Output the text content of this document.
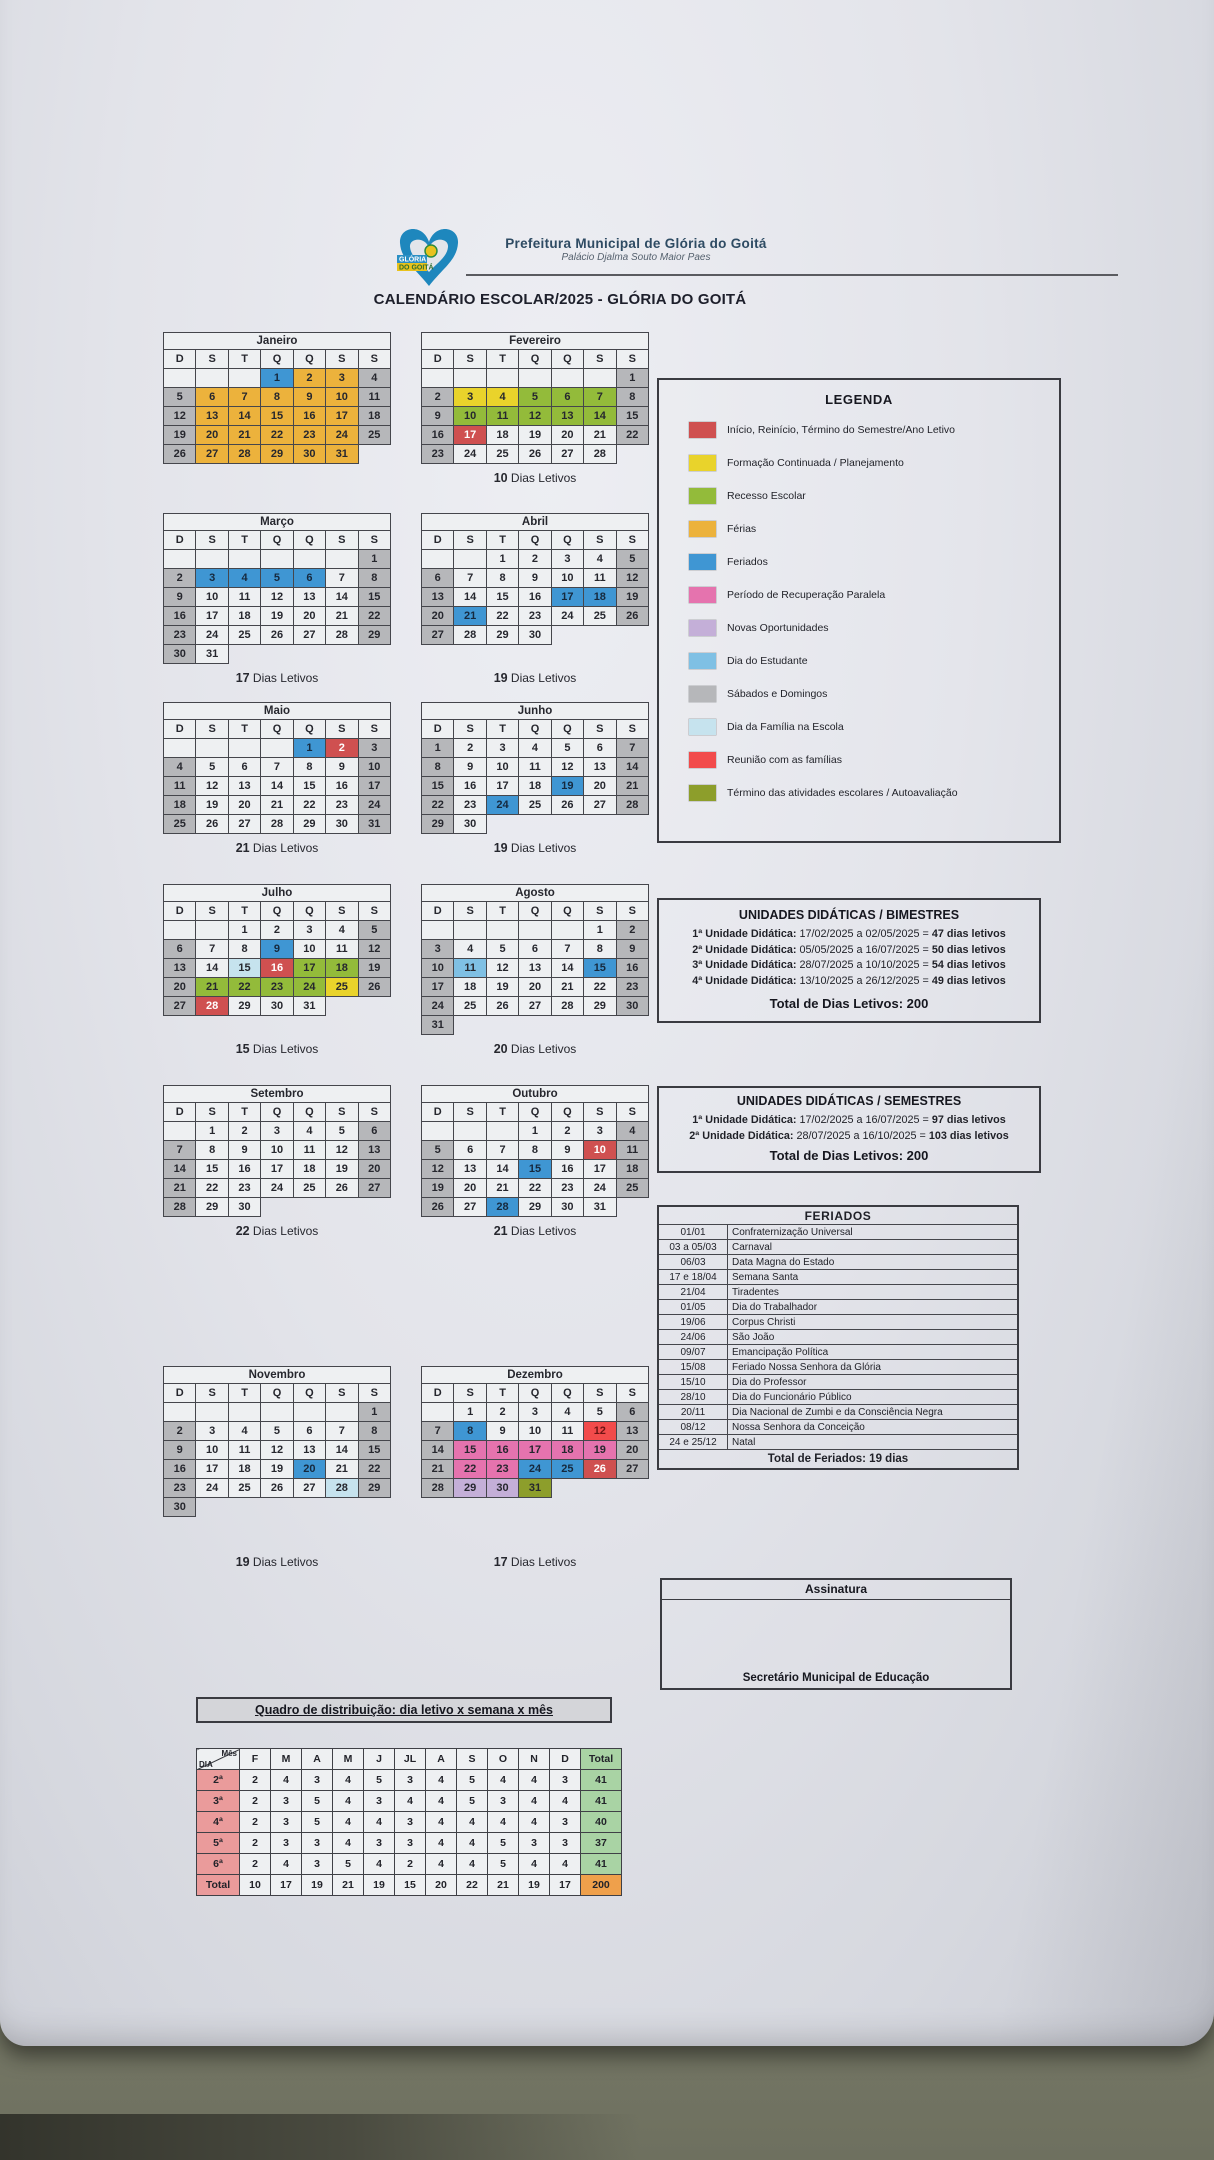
GLÓRIA
DO GOITÁ
Prefeitura Municipal de Glória do Goitá
Palácio Djalma Souto Maior Paes
CALENDÁRIO ESCOLAR/2025 - GLÓRIA DO GOITÁ
Janeiro						
D	S	T	Q	Q	S	S
			1	2	3	4
5	6	7	8	9	10	11
12	13	14	15	16	17	18
19	20	21	22	23	24	25
26	27	28	29	30	31	
Fevereiro						
D	S	T	Q	Q	S	S
						1
2	3	4	5	6	7	8
9	10	11	12	13	14	15
16	17	18	19	20	21	22
23	24	25	26	27	28	
10 Dias Letivos
Março						
D	S	T	Q	Q	S	S
						1
2	3	4	5	6	7	8
9	10	11	12	13	14	15
16	17	18	19	20	21	22
23	24	25	26	27	28	29
30	31					
17 Dias Letivos
Abril						
D	S	T	Q	Q	S	S
		1	2	3	4	5
6	7	8	9	10	11	12
13	14	15	16	17	18	19
20	21	22	23	24	25	26
27	28	29	30			
19 Dias Letivos
Maio						
D	S	T	Q	Q	S	S
				1	2	3
4	5	6	7	8	9	10
11	12	13	14	15	16	17
18	19	20	21	22	23	24
25	26	27	28	29	30	31
21 Dias Letivos
Junho						
D	S	T	Q	Q	S	S
1	2	3	4	5	6	7
8	9	10	11	12	13	14
15	16	17	18	19	20	21
22	23	24	25	26	27	28
29	30					
19 Dias Letivos
Julho						
D	S	T	Q	Q	S	S
		1	2	3	4	5
6	7	8	9	10	11	12
13	14	15	16	17	18	19
20	21	22	23	24	25	26
27	28	29	30	31		
15 Dias Letivos
Agosto						
D	S	T	Q	Q	S	S
					1	2
3	4	5	6	7	8	9
10	11	12	13	14	15	16
17	18	19	20	21	22	23
24	25	26	27	28	29	30
31						
20 Dias Letivos
Setembro						
D	S	T	Q	Q	S	S
	1	2	3	4	5	6
7	8	9	10	11	12	13
14	15	16	17	18	19	20
21	22	23	24	25	26	27
28	29	30				
22 Dias Letivos
Outubro						
D	S	T	Q	Q	S	S
			1	2	3	4
5	6	7	8	9	10	11
12	13	14	15	16	17	18
19	20	21	22	23	24	25
26	27	28	29	30	31	
21 Dias Letivos
Novembro						
D	S	T	Q	Q	S	S
						1
2	3	4	5	6	7	8
9	10	11	12	13	14	15
16	17	18	19	20	21	22
23	24	25	26	27	28	29
30						
19 Dias Letivos
Dezembro						
D	S	T	Q	Q	S	S
	1	2	3	4	5	6
7	8	9	10	11	12	13
14	15	16	17	18	19	20
21	22	23	24	25	26	27
28	29	30	31			
17 Dias Letivos
LEGENDA
Início, Reinício, Término do Semestre/Ano Letivo
Formação Continuada / Planejamento
Recesso Escolar
Férias
Feriados
Período de Recuperação Paralela
Novas Oportunidades
Dia do Estudante
Sábados e Domingos
Dia da Família na Escola
Reunião com as famílias
Término das atividades escolares / Autoavaliação
UNIDADES DIDÁTICAS / BIMESTRES
1ª Unidade Didática: 17/02/2025 a 02/05/2025 = 47 dias letivos
2ª Unidade Didática: 05/05/2025 a 16/07/2025 = 50 dias letivos
3ª Unidade Didática: 28/07/2025 a 10/10/2025 = 54 dias letivos
4ª Unidade Didática: 13/10/2025 a 26/12/2025 = 49 dias letivos
Total de Dias Letivos: 200
UNIDADES DIDÁTICAS / SEMESTRES
1ª Unidade Didática: 17/02/2025 a 16/07/2025 = 97 dias letivos
2ª Unidade Didática: 28/07/2025 a 16/10/2025 = 103 dias letivos
Total de Dias Letivos: 200
FERIADOS	
01/01	Confraternização Universal
03 a 05/03	Carnaval
06/03	Data Magna do Estado
17 e 18/04	Semana Santa
21/04	Tiradentes
01/05	Dia do Trabalhador
19/06	Corpus Christi
24/06	São João
09/07	Emancipação Política
15/08	Feriado Nossa Senhora da Glória
15/10	Dia do Professor
28/10	Dia do Funcionário Público
20/11	Dia Nacional de Zumbi e da Consciência Negra
08/12	Nossa Senhora da Conceição
24 e 25/12	Natal
Total de Feriados: 19 dias	
Quadro de distribuição: dia letivo x semana x mês
Mês
DIA	F	M	A	M	J	JL	A	S	O	N	D	Total
2ª	2	4	3	4	5	3	4	5	4	4	3	41
3ª	2	3	5	4	3	4	4	5	3	4	4	41
4ª	2	3	5	4	4	3	4	4	4	4	3	40
5ª	2	3	3	4	3	3	4	4	5	3	3	37
6ª	2	4	3	5	4	2	4	4	5	4	4	41
Total	10	17	19	21	19	15	20	22	21	19	17	200
Assinatura
Secretário Municipal de Educação
